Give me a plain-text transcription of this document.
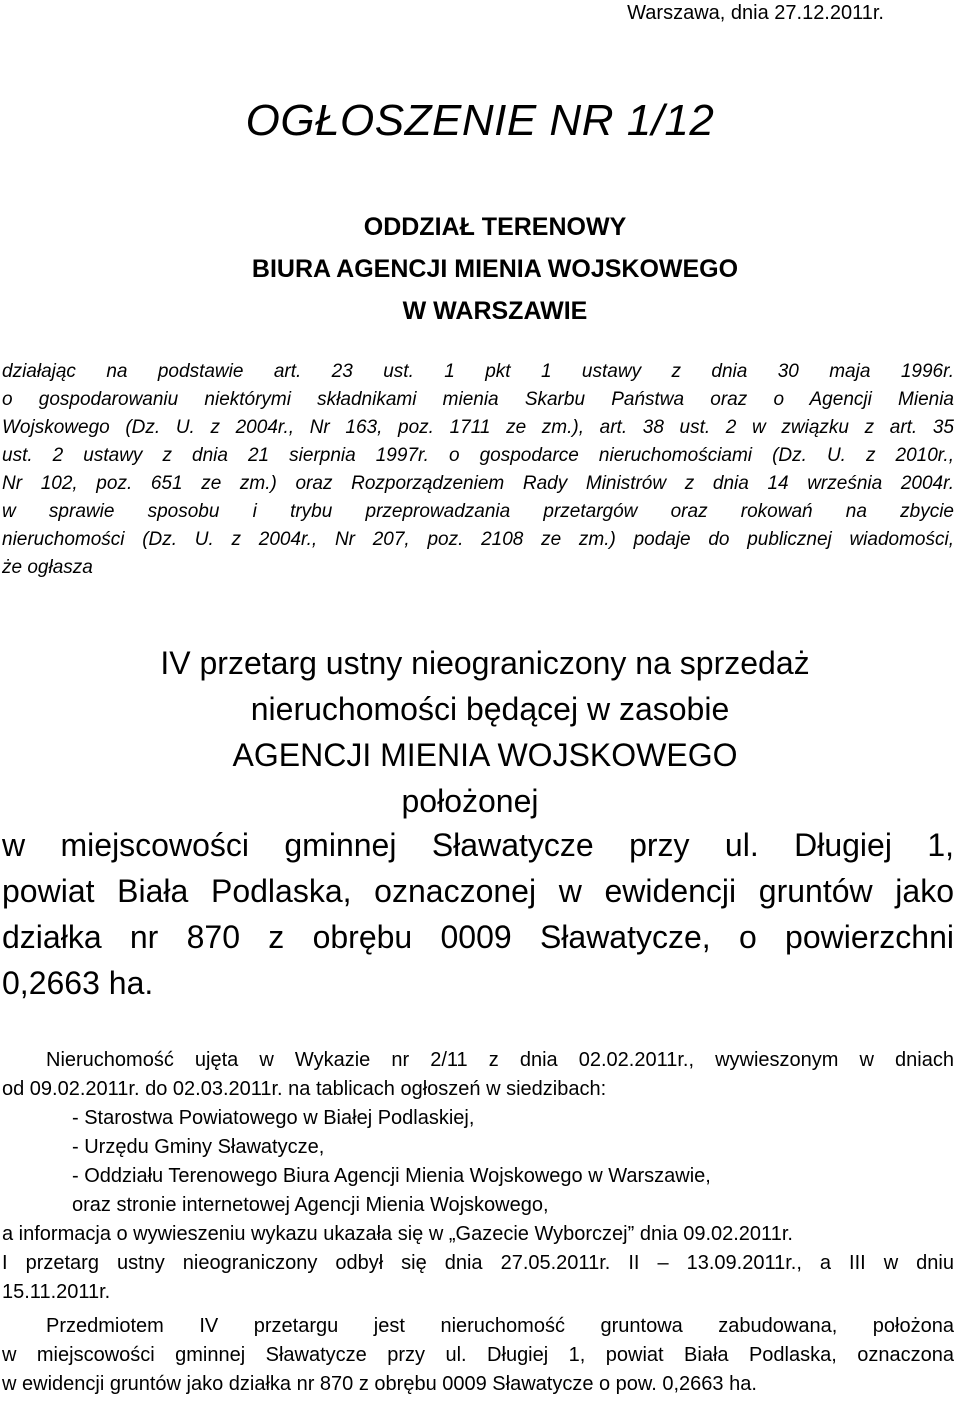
Warszawa, dnia 27.12.2011r.
OGŁOSZENIE NR 1/12
ODDZIAŁ TERENOWY
BIURA AGENCJI MIENIA WOJSKOWEGO
W WARSZAWIE
działając na podstawie art. 23 ust. 1 pkt 1 ustawy z dnia 30 maja 1996r.
o gospodarowaniu niektórymi składnikami mienia Skarbu Państwa oraz o Agencji Mienia
Wojskowego (Dz. U. z 2004r., Nr 163, poz. 1711 ze zm.), art. 38 ust. 2 w związku z art. 35
ust. 2 ustawy z dnia 21 sierpnia 1997r. o gospodarce nieruchomościami (Dz. U. z 2010r.,
Nr 102, poz. 651 ze zm.) oraz Rozporządzeniem Rady Ministrów z dnia 14 września 2004r.
w sprawie sposobu i trybu przeprowadzania przetargów oraz rokowań na zbycie
nieruchomości (Dz. U. z 2004r., Nr 207, poz. 2108 ze zm.) podaje do publicznej wiadomości,
że ogłasza
IV przetarg ustny nieograniczony na sprzedaż
nieruchomości będącej w zasobie
AGENCJI MIENIA WOJSKOWEGO
położonej
w miejscowości gminnej Sławatycze przy ul. Długiej 1,
powiat Biała Podlaska, oznaczonej w ewidencji gruntów jako
działka nr 870 z obrębu 0009 Sławatycze, o powierzchni
0,2663 ha.
Nieruchomość ujęta w Wykazie nr 2/11 z dnia 02.02.2011r., wywieszonym w dniach
od 09.02.2011r. do 02.03.2011r. na tablicach ogłoszeń w siedzibach:
- Starostwa Powiatowego w Białej Podlaskiej,
- Urzędu Gminy Sławatycze,
- Oddziału Terenowego Biura Agencji Mienia Wojskowego w Warszawie,
oraz stronie internetowej Agencji Mienia Wojskowego,
a informacja o wywieszeniu wykazu ukazała się w „Gazecie Wyborczej” dnia 09.02.2011r.
I przetarg ustny nieograniczony odbył się dnia 27.05.2011r. II – 13.09.2011r., a III w dniu
15.11.2011r.
Przedmiotem IV przetargu jest nieruchomość gruntowa zabudowana, położona
w miejscowości gminnej Sławatycze przy ul. Długiej 1, powiat Biała Podlaska, oznaczona
w ewidencji gruntów jako działka nr 870 z obrębu 0009 Sławatycze o pow. 0,2663 ha.
